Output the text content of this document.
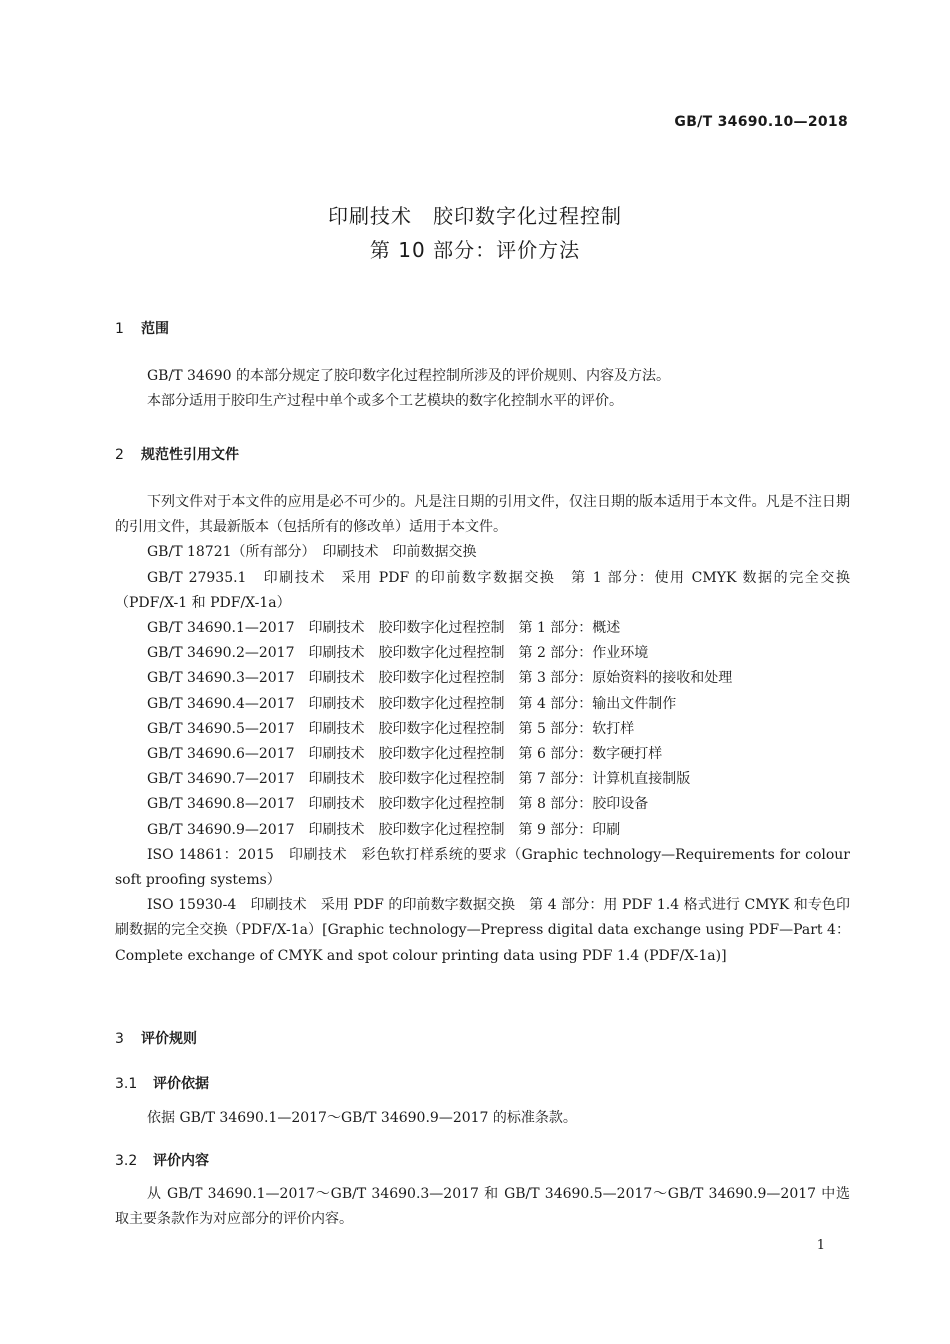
GB/T 34690.10—2018
印刷技术　胶印数字化过程控制
第 10 部分：评价方法
1 范围
GB/T 34690 的本部分规定了胶印数字化过程控制所涉及的评价规则、内容及方法。
本部分适用于胶印生产过程中单个或多个工艺模块的数字化控制水平的评价。
2 规范性引用文件
下列文件对于本文件的应用是必不可少的。凡是注日期的引用文件，仅注日期的版本适用于本文件。凡是不注日期的引用文件，其最新版本（包括所有的修改单）适用于本文件。
GB/T 18721（所有部分）　印刷技术　印前数据交换
GB/T 27935.1　印刷技术　采用 PDF 的印前数字数据交换　第 1 部分：使用 CMYK 数据的完全交换（PDF/X-1 和 PDF/X-1a）
GB/T 34690.1—2017　印刷技术　胶印数字化过程控制　第 1 部分：概述
GB/T 34690.2—2017　印刷技术　胶印数字化过程控制　第 2 部分：作业环境
GB/T 34690.3—2017　印刷技术　胶印数字化过程控制　第 3 部分：原始资料的接收和处理
GB/T 34690.4—2017　印刷技术　胶印数字化过程控制　第 4 部分：输出文件制作
GB/T 34690.5—2017　印刷技术　胶印数字化过程控制　第 5 部分：软打样
GB/T 34690.6—2017　印刷技术　胶印数字化过程控制　第 6 部分：数字硬打样
GB/T 34690.7—2017　印刷技术　胶印数字化过程控制　第 7 部分：计算机直接制版
GB/T 34690.8—2017　印刷技术　胶印数字化过程控制　第 8 部分：胶印设备
GB/T 34690.9—2017　印刷技术　胶印数字化过程控制　第 9 部分：印刷
ISO 14861：2015　印刷技术　彩色软打样系统的要求（Graphic technology—Requirements for colour soft proofing systems）
ISO 15930-4　印刷技术　采用 PDF 的印前数字数据交换　第 4 部分：用 PDF 1.4 格式进行 CMYK 和专色印刷数据的完全交换（PDF/X-1a）[Graphic technology—Prepress digital data exchange using PDF—Part 4：Complete exchange of CMYK and spot colour printing data using PDF 1.4 (PDF/X-1a)]
3 评价规则
3.1 评价依据
依据 GB/T 34690.1—2017～GB/T 34690.9—2017 的标准条款。
3.2 评价内容
从 GB/T 34690.1—2017～GB/T 34690.3—2017 和 GB/T 34690.5—2017～GB/T 34690.9—2017 中选取主要条款作为对应部分的评价内容。
1
